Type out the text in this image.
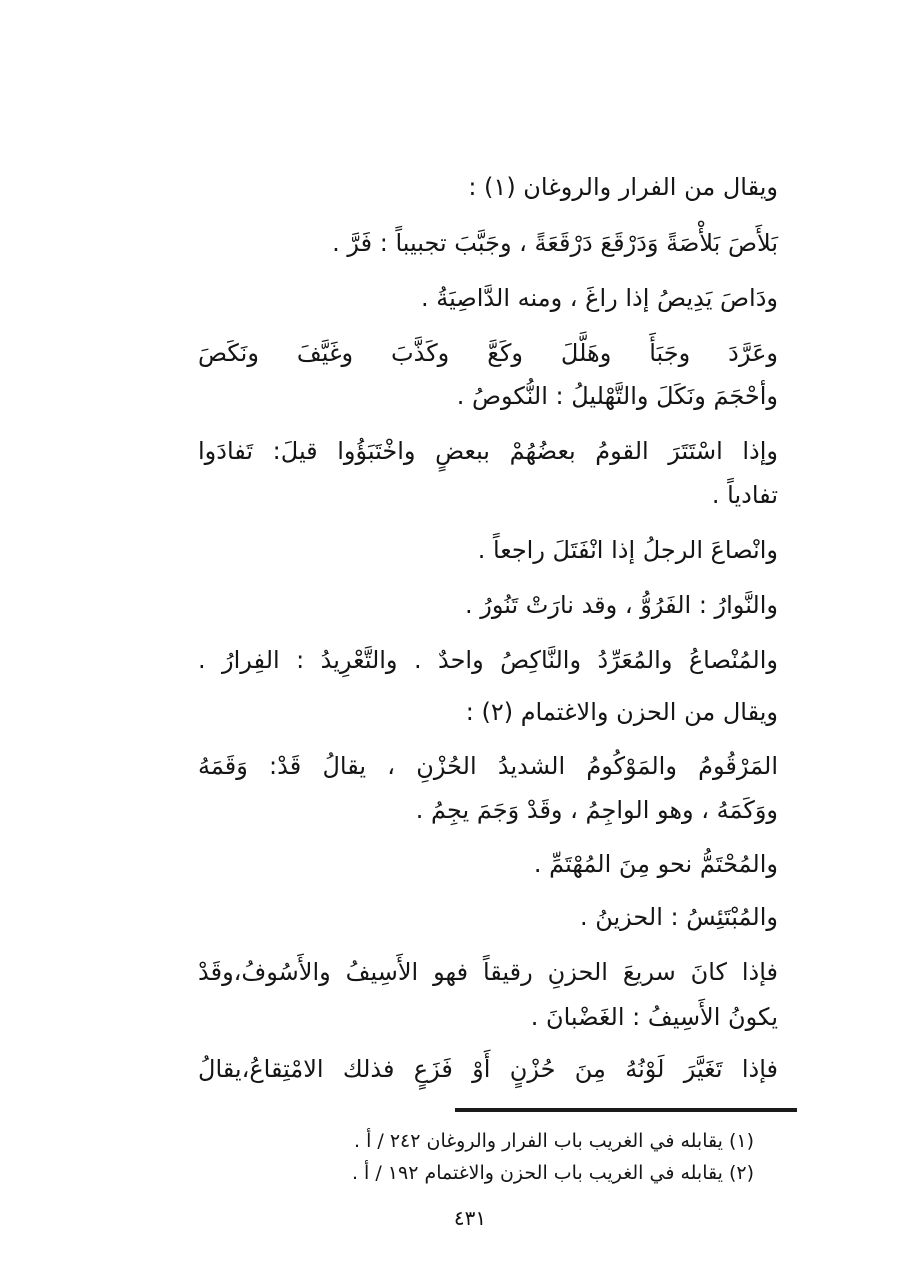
ويقال من الفرار والروغان (١) :
بَلأَصَ بَلأْصَةً وَدَرْقَعَ دَرْقَعَةً ، وجَبَّبَ تجبيباً : فَرَّ .
ودَاصَ يَدِيصُ إذا راغَ ، ومنه الدَّاصِيَةُ .
وعَرَّدَ وجَبَأَ وهَلَّلَ وكَعَّ وكَذَّبَ وغَيَّفَ ونَكَصَ
وأحْجَمَ ونَكَلَ والتَّهْليلُ : النُّكوصُ .
وإذا اسْتَتَرَ القومُ بعضُهُمْ ببعضٍ واخْتَبَؤُوا قيلَ: تَفادَوا
تفادياً .
وانْصاعَ الرجلُ إذا انْفَتَلَ راجعاً .
والنَّوارُ : الفَرُوُّ ، وقد نارَتْ تَنُورُ .
والمُنْصاعُ والمُعَرِّدُ والنَّاكِصُ واحدٌ . والتَّعْرِيدُ : الفِرارُ .
ويقال من الحزن والاغتمام (٢) :
المَرْقُومُ والمَوْكُومُ الشديدُ الحُزْنِ ، يقالُ قَدْ: وَقَمَهُ
ووَكَمَهُ ، وهو الواجِمُ ، وقَدْ وَجَمَ يجِمُ .
والمُحْتَمُّ نحو مِنَ المُهْتَمِّ .
والمُبْتَئِسُ : الحزينُ .
فإذا كانَ سريعَ الحزنِ رقيقاً فهو الأَسِيفُ والأَسُوفُ،وقَدْ
يكونُ الأَسِيفُ : الغَضْبانَ .
فإذا تَغَيَّرَ لَوْنُهُ مِنَ حُزْنٍ أَوْ فَزَعٍ فذلك الامْتِقاعُ،يقالُ
(١) يقابله في الغريب باب الفرار والروغان ٢٤٢ / أ .
(٢) يقابله في الغريب باب الحزن والاغتمام ١٩٢ / أ .
٤٣١
